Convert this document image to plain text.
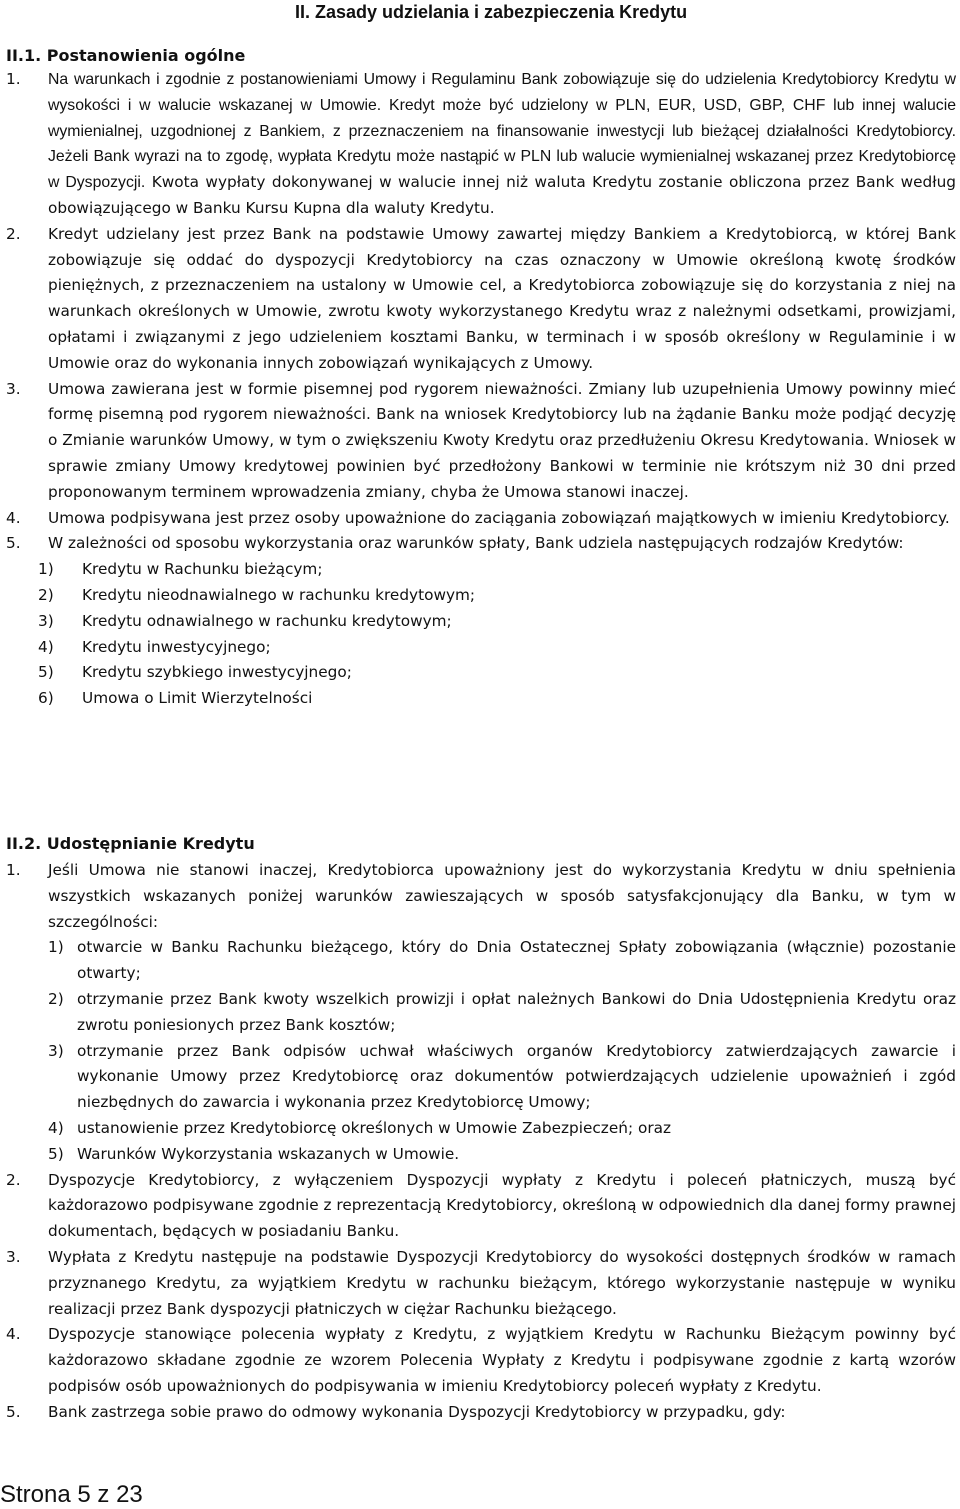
II. Zasady udzielania i zabezpieczenia Kredytu
II.1. Postanowienia ogólne
1. Na warunkach i zgodnie z postanowieniami Umowy i Regulaminu Bank zobowiązuje się do udzielenia Kredytobiorcy Kredytu w wysokości i w walucie wskazanej w Umowie. Kredyt może być udzielony w PLN, EUR, USD, GBP, CHF lub innej walucie wymienialnej, uzgodnionej z Bankiem, z przeznaczeniem na finansowanie inwestycji lub bieżącej działalności Kredytobiorcy. Jeżeli Bank wyrazi na to zgodę, wypłata Kredytu może nastąpić w PLN lub walucie wymienialnej wskazanej przez Kredytobiorcę w Dyspozycji. Kwota wypłaty dokonywanej w walucie innej niż waluta Kredytu zostanie obliczona przez Bank według obowiązującego w Banku Kursu Kupna dla waluty Kredytu.
2. Kredyt udzielany jest przez Bank na podstawie Umowy zawartej między Bankiem a Kredytobiorcą, w której Bank zobowiązuje się oddać do dyspozycji Kredytobiorcy na czas oznaczony w Umowie określoną kwotę środków pieniężnych, z przeznaczeniem na ustalony w Umowie cel, a Kredytobiorca zobowiązuje się do korzystania z niej na warunkach określonych w Umowie, zwrotu kwoty wykorzystanego Kredytu wraz z należnymi odsetkami, prowizjami, opłatami i związanymi z jego udzieleniem kosztami Banku, w terminach i w sposób określony w Regulaminie i w Umowie oraz do wykonania innych zobowiązań wynikających z Umowy.
3. Umowa zawierana jest w formie pisemnej pod rygorem nieważności. Zmiany lub uzupełnienia Umowy powinny mieć formę pisemną pod rygorem nieważności. Bank na wniosek Kredytobiorcy lub na żądanie Banku może podjąć decyzję o Zmianie warunków Umowy, w tym o zwiększeniu Kwoty Kredytu oraz przedłużeniu Okresu Kredytowania. Wniosek w sprawie zmiany Umowy kredytowej powinien być przedłożony Bankowi w terminie nie krótszym niż 30 dni przed proponowanym terminem wprowadzenia zmiany, chyba że Umowa stanowi inaczej.
4. Umowa podpisywana jest przez osoby upoważnione do zaciągania zobowiązań majątkowych w imieniu Kredytobiorcy.
5. W zależności od sposobu wykorzystania oraz warunków spłaty, Bank udziela następujących rodzajów Kredytów:
1) Kredytu w Rachunku bieżącym;
2) Kredytu nieodnawialnego w rachunku kredytowym;
3) Kredytu odnawialnego w rachunku kredytowym;
4) Kredytu inwestycyjnego;
5) Kredytu szybkiego inwestycyjnego;
6) Umowa o Limit Wierzytelności
II.2. Udostępnianie Kredytu
1. Jeśli Umowa nie stanowi inaczej, Kredytobiorca upoważniony jest do wykorzystania Kredytu w dniu spełnienia wszystkich wskazanych poniżej warunków zawieszających w sposób satysfakcjonujący dla Banku, w tym w szczególności:
1) otwarcie w Banku Rachunku bieżącego, który do Dnia Ostatecznej Spłaty zobowiązania (włącznie) pozostanie otwarty;
2) otrzymanie przez Bank kwoty wszelkich prowizji i opłat należnych Bankowi do Dnia Udostępnienia Kredytu oraz zwrotu poniesionych przez Bank kosztów;
3) otrzymanie przez Bank odpisów uchwał właściwych organów Kredytobiorcy zatwierdzających zawarcie i wykonanie Umowy przez Kredytobiorcę oraz dokumentów potwierdzających udzielenie upoważnień i zgód niezbędnych do zawarcia i wykonania przez Kredytobiorcę Umowy;
4) ustanowienie przez Kredytobiorcę określonych w Umowie Zabezpieczeń; oraz
5) Warunków Wykorzystania wskazanych w Umowie.
2. Dyspozycje Kredytobiorcy, z wyłączeniem Dyspozycji wypłaty z Kredytu i poleceń płatniczych, muszą być każdorazowo podpisywane zgodnie z reprezentacją Kredytobiorcy, określoną w odpowiednich dla danej formy prawnej dokumentach, będących w posiadaniu Banku.
3. Wypłata z Kredytu następuje na podstawie Dyspozycji Kredytobiorcy do wysokości dostępnych środków w ramach przyznanego Kredytu, za wyjątkiem Kredytu w rachunku bieżącym, którego wykorzystanie następuje w wyniku realizacji przez Bank dyspozycji płatniczych w ciężar Rachunku bieżącego.
4. Dyspozycje stanowiące polecenia wypłaty z Kredytu, z wyjątkiem Kredytu w Rachunku Bieżącym powinny być każdorazowo składane zgodnie ze wzorem Polecenia Wypłaty z Kredytu i podpisywane zgodnie z kartą wzorów podpisów osób upoważnionych do podpisywania w imieniu Kredytobiorcy poleceń wypłaty z Kredytu.
5. Bank zastrzega sobie prawo do odmowy wykonania Dyspozycji Kredytobiorcy w przypadku, gdy:
Strona 5 z 23
